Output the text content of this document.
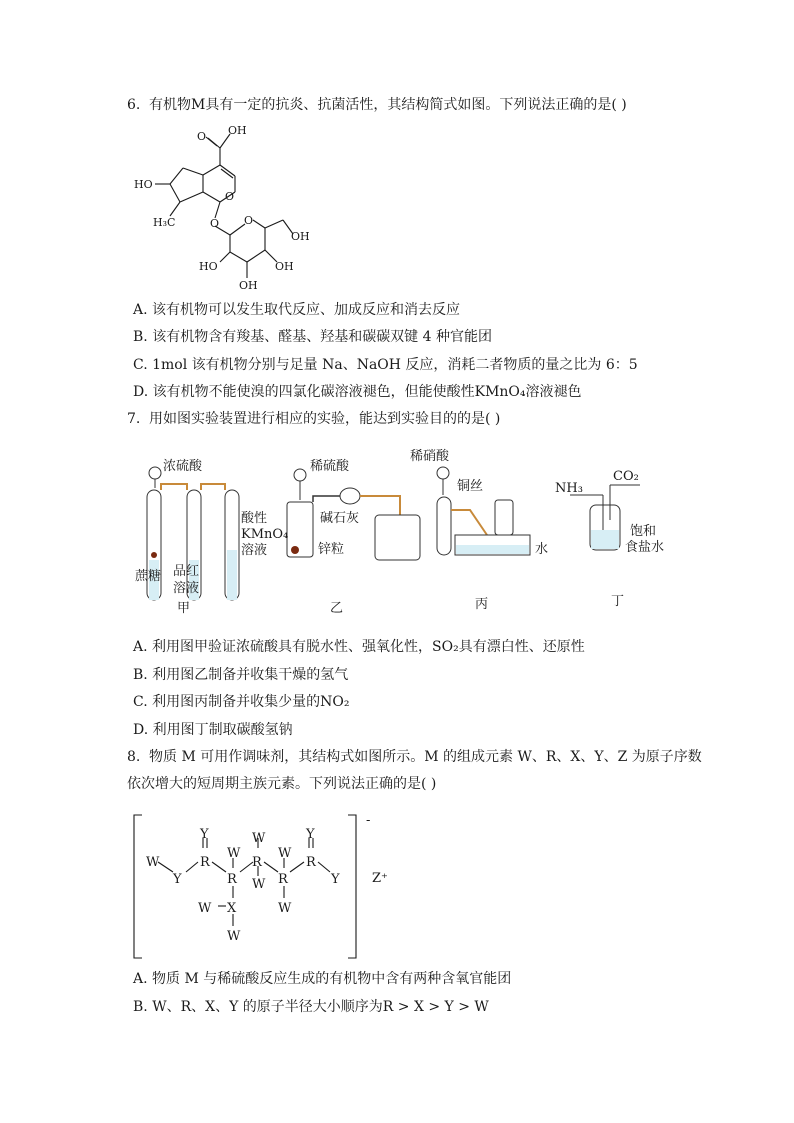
6. 有机物M具有一定的抗炎、抗菌活性，其结构简式如图。下列说法正确的是( )
OH
O
HO
H₃C
O
O O
OH
HO	OH
OH
A. 该有机物可以发生取代反应、加成反应和消去反应
B. 该有机物含有羧基、醛基、羟基和碳碳双键 4 种官能团
C. 1mol 该有机物分别与足量 Na、NaOH 反应，消耗二者物质的量之比为 6：5
D. 该有机物不能使溴的四氯化碳溶液褪色，但能使酸性KMnO₄溶液褪色
7. 用如图实验装置进行相应的实验，能达到实验目的的是( )
浓硫酸
蔗糖 品红
溶液
酸性
KMnO₄
溶液
甲
稀硫酸
碱石灰
锌粒
乙
稀硝酸
铜丝
水
丙
NH₃
CO₂
饱和
食盐水
丁
A. 利用图甲验证浓硫酸具有脱水性、强氧化性，SO₂具有漂白性、还原性
B. 利用图乙制备并收集干燥的氢气
C. 利用图丙制备并收集少量的NO₂
D. 利用图丁制取碳酸氢钠
8. 物质 M 可用作调味剂，其结构式如图所示。M 的组成元素 W、R、X、Y、Z 为原子序数
依次增大的短周期主族元素。下列说法正确的是( )
W
Y
Y
R
R
W
W
R
W
W
R
W
Y
R
Y
W X
W
-
Z⁺
A. 物质 M 与稀硫酸反应生成的有机物中含有两种含氧官能团
B. W、R、X、Y 的原子半径大小顺序为R > X > Y > W
